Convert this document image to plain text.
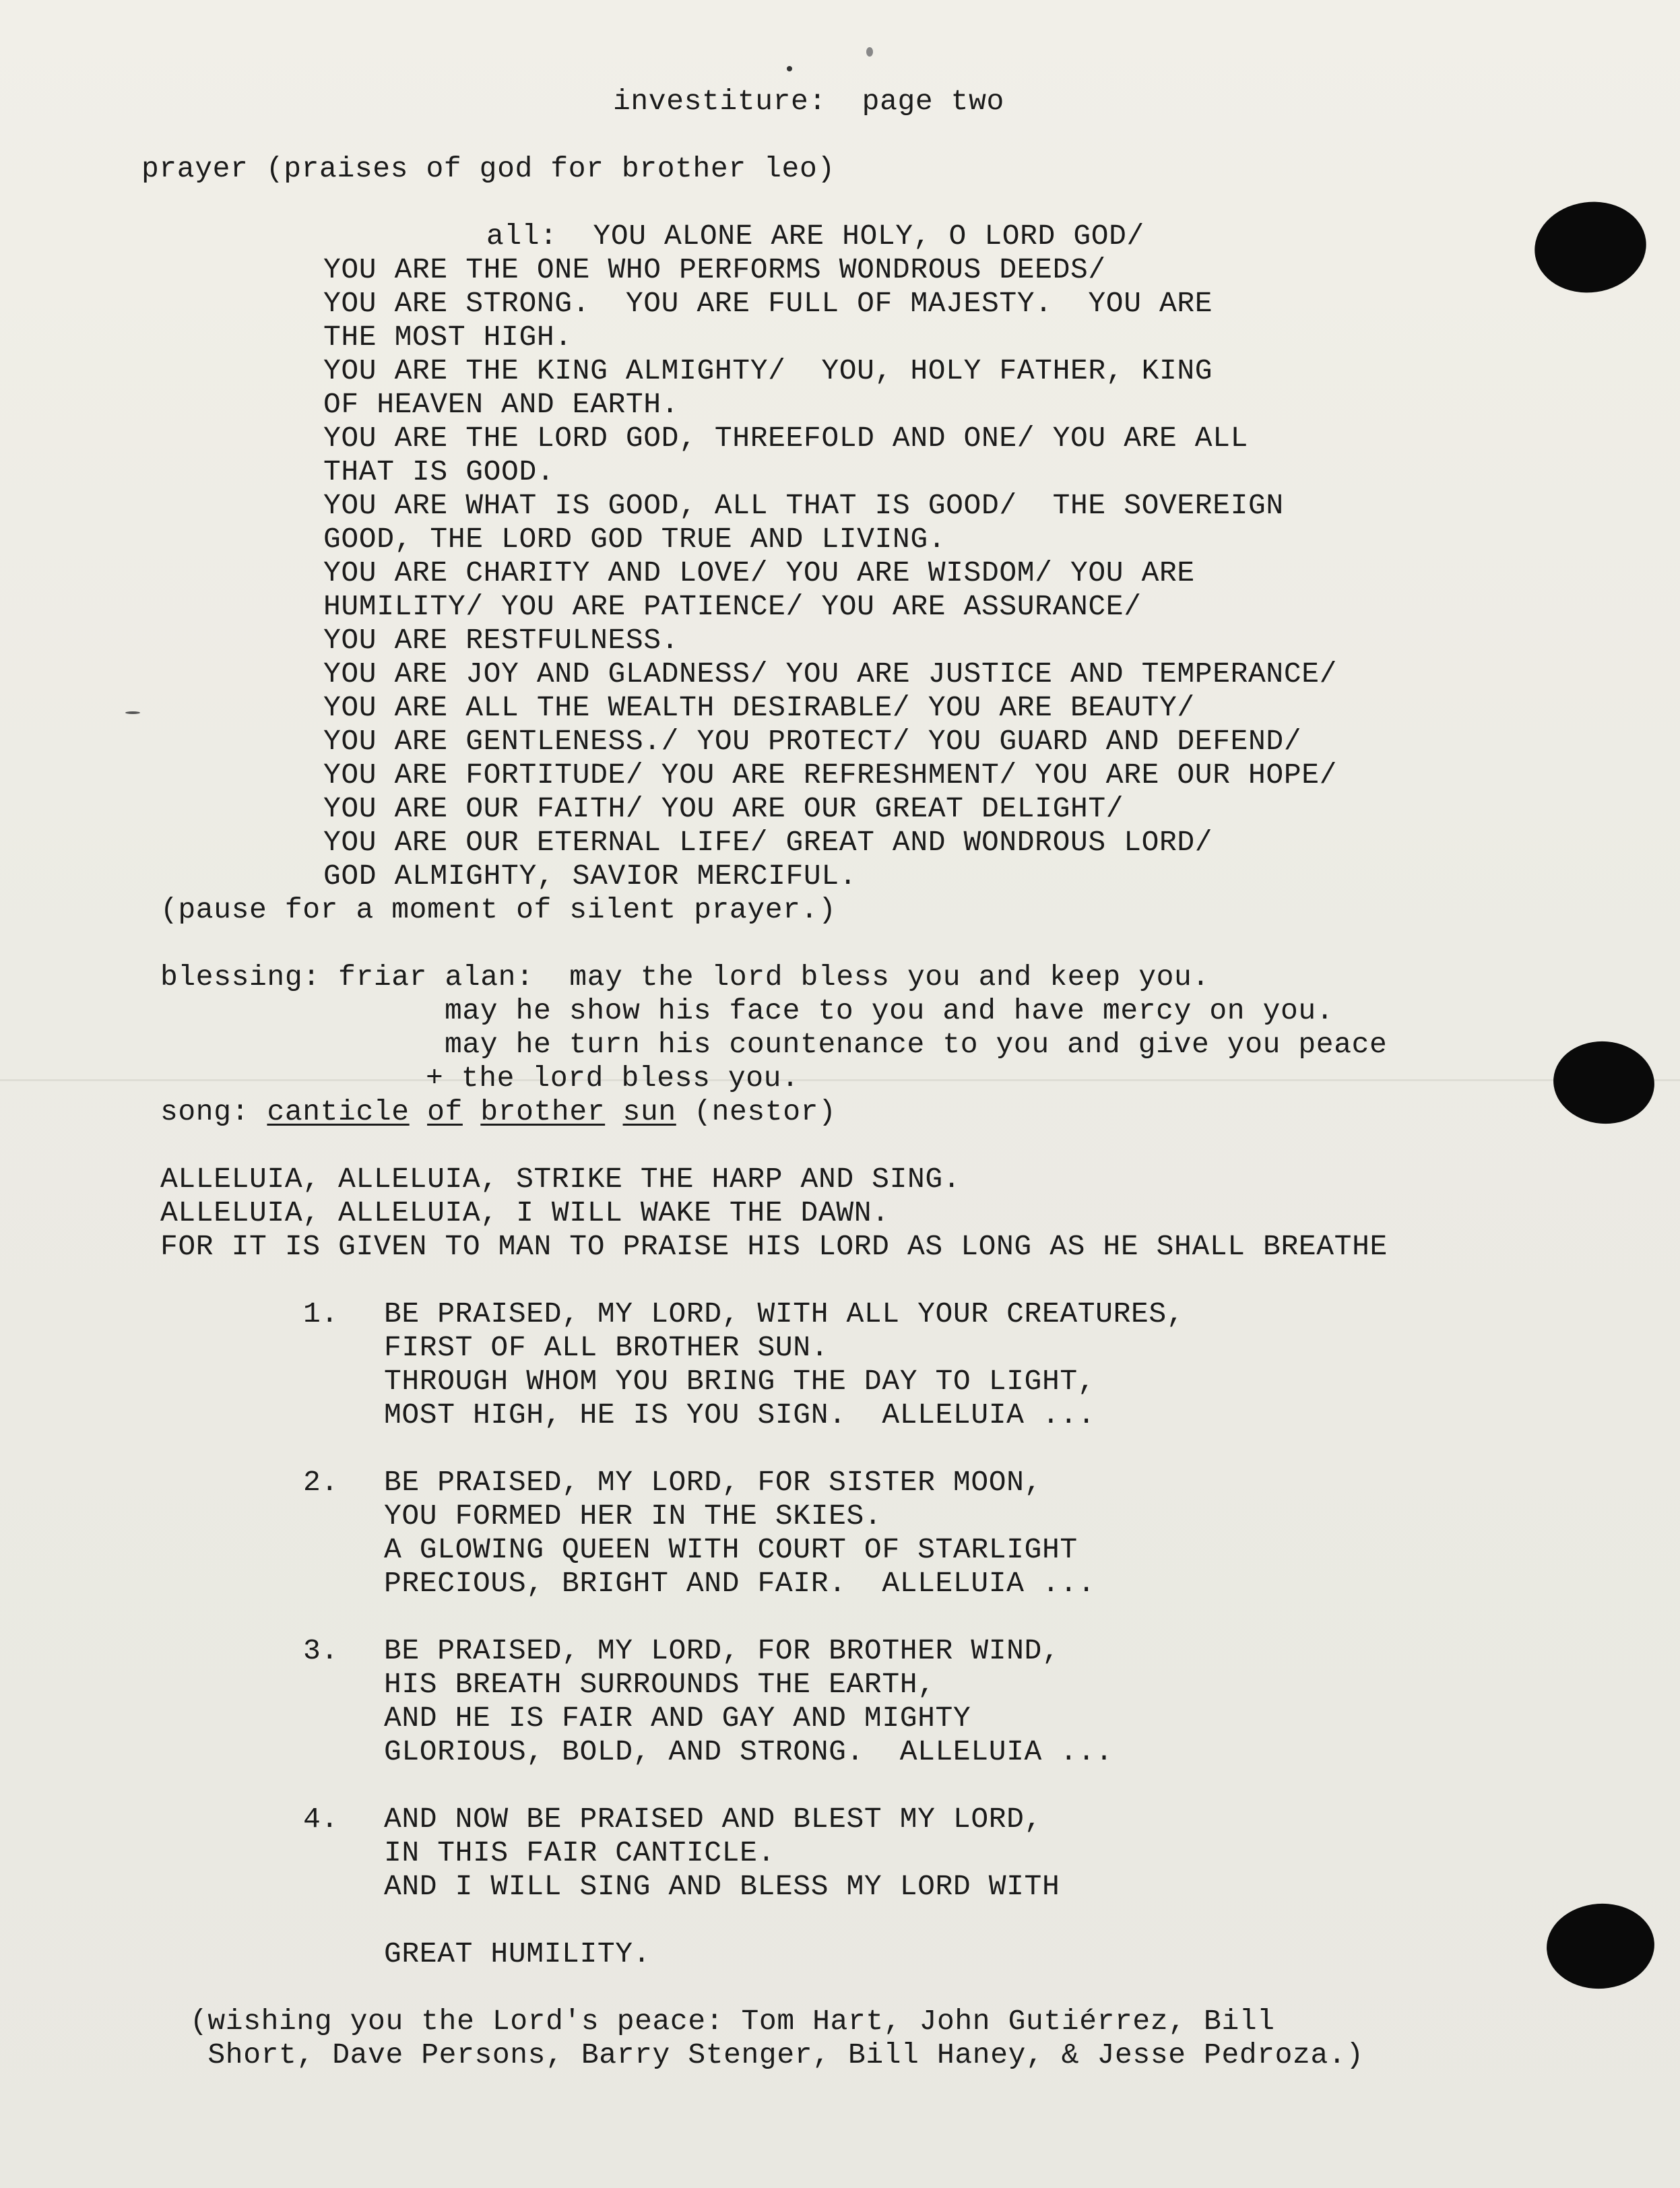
investiture:  page two
prayer (praises of god for brother leo)
all:  YOU ALONE ARE HOLY, O LORD GOD/
YOU ARE THE ONE WHO PERFORMS WONDROUS DEEDS/
YOU ARE STRONG.  YOU ARE FULL OF MAJESTY.  YOU ARE
THE MOST HIGH.
YOU ARE THE KING ALMIGHTY/  YOU, HOLY FATHER, KING
OF HEAVEN AND EARTH.
YOU ARE THE LORD GOD, THREEFOLD AND ONE/ YOU ARE ALL
THAT IS GOOD.
YOU ARE WHAT IS GOOD, ALL THAT IS GOOD/  THE SOVEREIGN
GOOD, THE LORD GOD TRUE AND LIVING.
YOU ARE CHARITY AND LOVE/ YOU ARE WISDOM/ YOU ARE
HUMILITY/ YOU ARE PATIENCE/ YOU ARE ASSURANCE/
YOU ARE RESTFULNESS.
YOU ARE JOY AND GLADNESS/ YOU ARE JUSTICE AND TEMPERANCE/
YOU ARE ALL THE WEALTH DESIRABLE/ YOU ARE BEAUTY/
YOU ARE GENTLENESS./ YOU PROTECT/ YOU GUARD AND DEFEND/
YOU ARE FORTITUDE/ YOU ARE REFRESHMENT/ YOU ARE OUR HOPE/
YOU ARE OUR FAITH/ YOU ARE OUR GREAT DELIGHT/
YOU ARE OUR ETERNAL LIFE/ GREAT AND WONDROUS LORD/
GOD ALMIGHTY, SAVIOR MERCIFUL.
(pause for a moment of silent prayer.)
blessing: friar alan:  may the lord bless you and keep you.
may he show his face to you and have mercy on you.
may he turn his countenance to you and give you peace
+ the lord bless you.
song: canticle of brother sun (nestor)
ALLELUIA, ALLELUIA, STRIKE THE HARP AND SING.
ALLELUIA, ALLELUIA, I WILL WAKE THE DAWN.
FOR IT IS GIVEN TO MAN TO PRAISE HIS LORD AS LONG AS HE SHALL BREATHE
1. BE PRAISED, MY LORD, WITH ALL YOUR CREATURES,
FIRST OF ALL BROTHER SUN.
THROUGH WHOM YOU BRING THE DAY TO LIGHT,
MOST HIGH, HE IS YOU SIGN.  ALLELUIA ...
2. BE PRAISED, MY LORD, FOR SISTER MOON,
YOU FORMED HER IN THE SKIES.
A GLOWING QUEEN WITH COURT OF STARLIGHT
PRECIOUS, BRIGHT AND FAIR.  ALLELUIA ...
3. BE PRAISED, MY LORD, FOR BROTHER WIND,
HIS BREATH SURROUNDS THE EARTH,
AND HE IS FAIR AND GAY AND MIGHTY
GLORIOUS, BOLD, AND STRONG.  ALLELUIA ...
4. AND NOW BE PRAISED AND BLEST MY LORD,
IN THIS FAIR CANTICLE.
AND I WILL SING AND BLESS MY LORD WITH
GREAT HUMILITY.
(wishing you the Lord's peace: Tom Hart, John Gutiérrez, Bill
Short, Dave Persons, Barry Stenger, Bill Haney, & Jesse Pedroza.)
